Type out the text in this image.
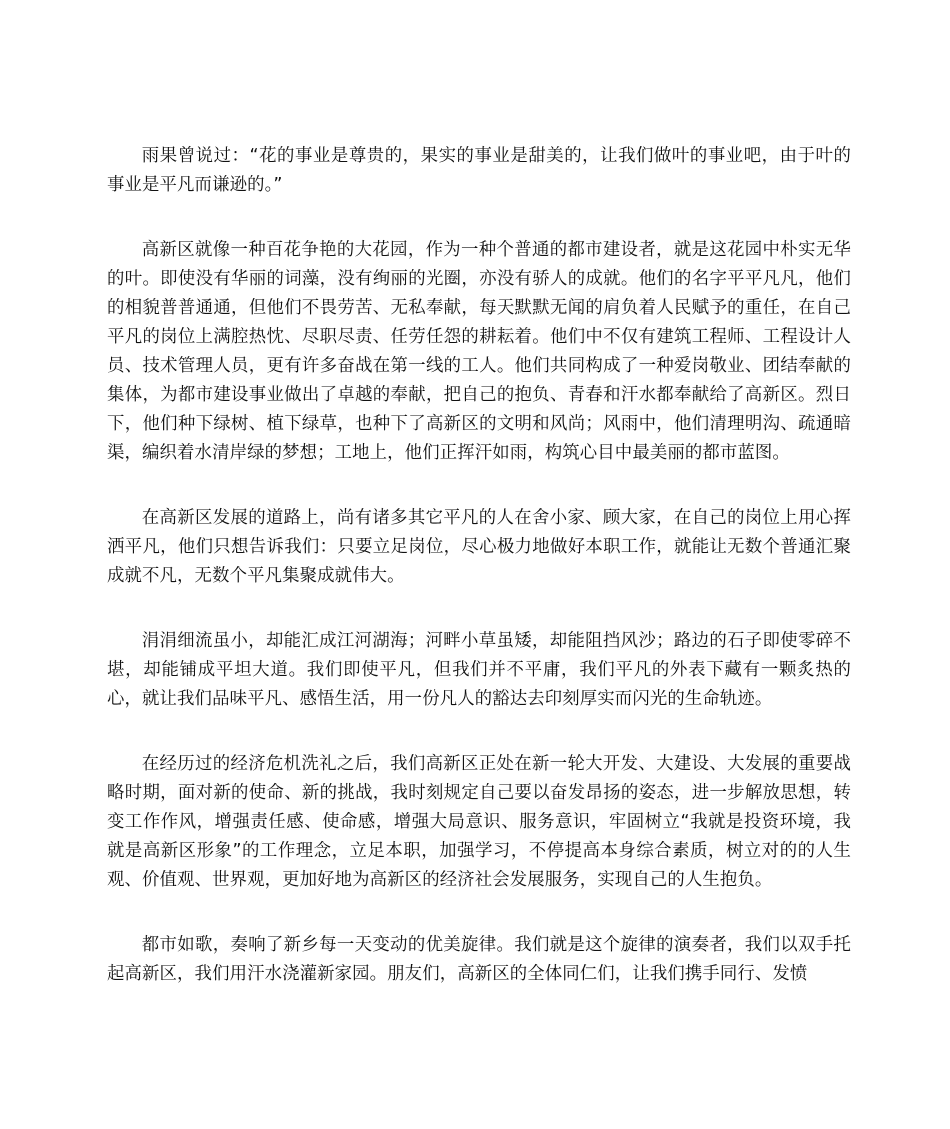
雨果曾说过：“花的事业是尊贵的，果实的事业是甜美的，让我们做叶的事业吧，由于叶的事业是平凡而谦逊的。”

高新区就像一种百花争艳的大花园，作为一种个普通的都市建设者，就是这花园中朴实无华的叶。即使没有华丽的词藻，没有绚丽的光圈，亦没有骄人的成就。他们的名字平平凡凡，他们的相貌普普通通，但他们不畏劳苦、无私奉献，每天默默无闻的肩负着人民赋予的重任，在自己平凡的岗位上满腔热忱、尽职尽责、任劳任怨的耕耘着。他们中不仅有建筑工程师、工程设计人员、技术管理人员，更有许多奋战在第一线的工人。他们共同构成了一种爱岗敬业、团结奉献的集体，为都市建设事业做出了卓越的奉献，把自己的抱负、青春和汗水都奉献给了高新区。烈日下，他们种下绿树、植下绿草，也种下了高新区的文明和风尚；风雨中，他们清理明沟、疏通暗渠，编织着水清岸绿的梦想；工地上，他们正挥汗如雨，构筑心目中最美丽的都市蓝图。

在高新区发展的道路上，尚有诸多其它平凡的人在舍小家、顾大家，在自己的岗位上用心挥洒平凡，他们只想告诉我们：只要立足岗位，尽心极力地做好本职工作，就能让无数个普通汇聚成就不凡，无数个平凡集聚成就伟大。

涓涓细流虽小，却能汇成江河湖海；河畔小草虽矮，却能阻挡风沙；路边的石子即使零碎不堪，却能铺成平坦大道。我们即使平凡，但我们并不平庸，我们平凡的外表下藏有一颗炙热的心，就让我们品味平凡、感悟生活，用一份凡人的豁达去印刻厚实而闪光的生命轨迹。

在经历过的经济危机洗礼之后，我们高新区正处在新一轮大开发、大建设、大发展的重要战略时期，面对新的使命、新的挑战，我时刻规定自己要以奋发昂扬的姿态，进一步解放思想，转变工作作风，增强责任感、使命感，增强大局意识、服务意识，牢固树立“我就是投资环境，我就是高新区形象”的工作理念，立足本职，加强学习，不停提高本身综合素质，树立对的的人生观、价值观、世界观，更加好地为高新区的经济社会发展服务，实现自己的人生抱负。

都市如歌，奏响了新乡每一天变动的优美旋律。我们就是这个旋律的演奏者，我们以双手托起高新区，我们用汗水浇灌新家园。朋友们，高新区的全体同仁们，让我们携手同行、发愤
